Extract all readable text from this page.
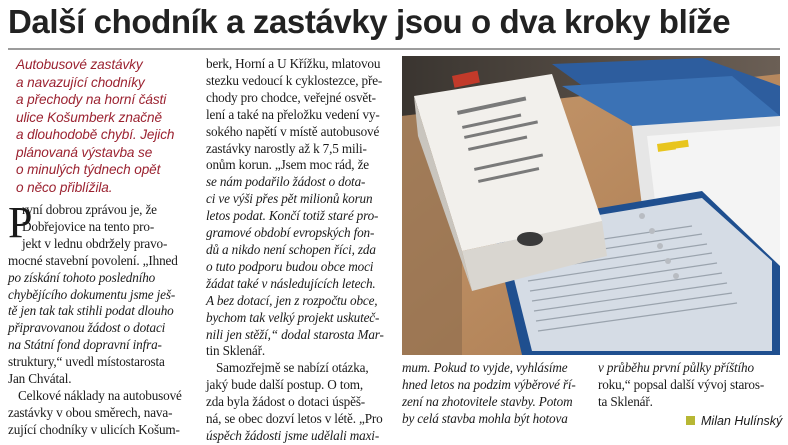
Další chodník a zastávky jsou o dva kroky blíže
Autobusové zastávky
a navazující chodníky
a přechody na horní části
ulice Košumberk značně
a dlouhodobě chybí. Jejich
plánovaná výstavba se
o minulých týdnech opět
o něco přiblížila.
P
rvní dobrou zprávou je, že
Dobřejovice na tento pro-
jekt v lednu obdržely pravo-
mocné stavební povolení. „Ihned
po získání tohoto posledního
chybějícího dokumentu jsme ješ-
tě jen tak tak stihli podat dlouho
připravovanou žádost o dotaci
na Státní fond dopravní infra-
struktury,“ uvedl místostarosta
Jan Chvátal.
Celkové náklady na autobusové
zastávky v obou směrech, nava-
zující chodníky v ulicích Košum-
berk, Horní a U Křížku, mlatovou
stezku vedoucí k cyklostezce, pře-
chody pro chodce, veřejné osvět-
lení a také na přeložku vedení vy-
sokého napětí v místě autobusové
zastávky narostly až k 7,5 mili-
onům korun. „Jsem moc rád, že
se nám podařilo žádost o dota-
ci ve výši přes pět milionů korun
letos podat. Končí totiž staré pro-
gramové období evropských fon-
dů a nikdo není schopen říci, zda
o tuto podporu budou obce moci
žádat také v následujících letech.
A bez dotací, jen z rozpočtu obce,
bychom tak velký projekt uskuteč-
nili jen stěží,“ dodal starosta Mar-
tin Sklenář.
Samozřejmě se nabízí otázka,
jaký bude další postup. O tom,
zda byla žádost o dotaci úspěš-
ná, se obec dozví letos v létě. „Pro
úspěch žádosti jsme udělali maxi-
mum. Pokud to vyjde, vyhlásíme
hned letos na podzim výběrové ří-
zení na zhotovitele stavby. Potom
by celá stavba mohla být hotova
v průběhu první půlky příštího
roku,“ popsal další vývoj staros-
ta Sklenář.
Milan Hulínský
